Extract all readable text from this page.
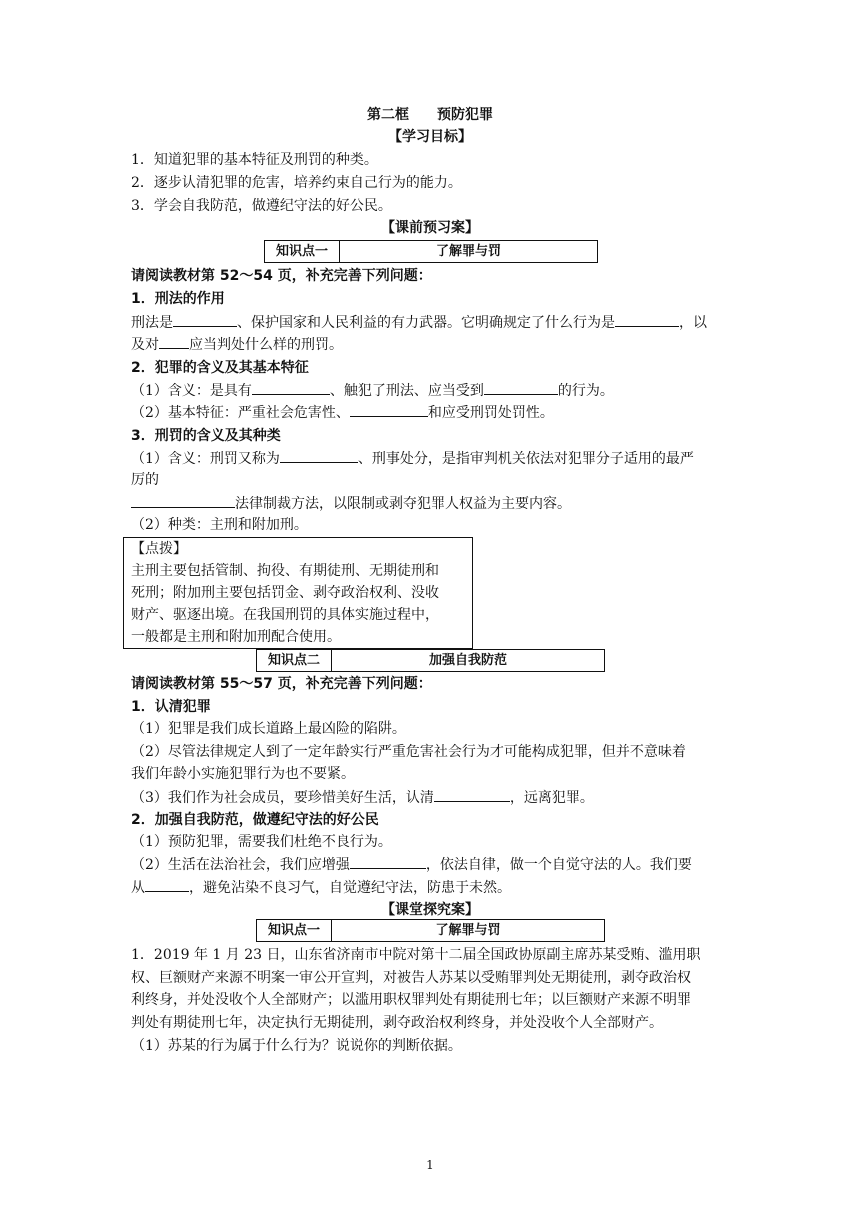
第二框　　预防犯罪
【学习目标】
1．知道犯罪的基本特征及刑罚的种类。
2．逐步认清犯罪的危害，培养约束自己行为的能力。
3．学会自我防范，做遵纪守法的好公民。
【课前预习案】
知识点一	了解罪与罚
请阅读教材第 52～54 页，补充完善下列问题：
1．刑法的作用
刑法是	、保护国家和人民利益的有力武器。它明确规定了什么行为是	，以
及对 应当判处什么样的刑罚。
2．犯罪的含义及其基本特征
（1）含义：是具有	、触犯了刑法、应当受到	的行为。
（2）基本特征：严重社会危害性、	和应受刑罚处罚性。
3．刑罚的含义及其种类
（1）含义：刑罚又称为	、刑事处分，是指审判机关依法对犯罪分子适用的最严
厉的
法律制裁方法，以限制或剥夺犯罪人权益为主要内容。
（2）种类：主刑和附加刑。
【点拨】
主刑主要包括管制、拘役、有期徒刑、无期徒刑和
死刑；附加刑主要包括罚金、剥夺政治权利、没收
财产、驱逐出境。在我国刑罚的具体实施过程中，
一般都是主刑和附加刑配合使用。
知识点二	加强自我防范
请阅读教材第 55～57 页，补充完善下列问题：
1．认清犯罪
（1）犯罪是我们成长道路上最凶险的陷阱。
（2）尽管法律规定人到了一定年龄实行严重危害社会行为才可能构成犯罪，但并不意味着
我们年龄小实施犯罪行为也不要紧。
（3）我们作为社会成员，要珍惜美好生活，认清	，远离犯罪。
2．加强自我防范，做遵纪守法的好公民
（1）预防犯罪，需要我们杜绝不良行为。
（2）生活在法治社会，我们应增强	，依法自律，做一个自觉守法的人。我们要
从	，避免沾染不良习气，自觉遵纪守法，防患于未然。
【课堂探究案】
知识点一	了解罪与罚
1．2019 年 1 月 23 日，山东省济南市中院对第十二届全国政协原副主席苏某受贿、滥用职
权、巨额财产来源不明案一审公开宣判，对被告人苏某以受贿罪判处无期徒刑，剥夺政治权
利终身，并处没收个人全部财产；以滥用职权罪判处有期徒刑七年；以巨额财产来源不明罪
判处有期徒刑七年，决定执行无期徒刑，剥夺政治权利终身，并处没收个人全部财产。
（1）苏某的行为属于什么行为？说说你的判断依据。
1
